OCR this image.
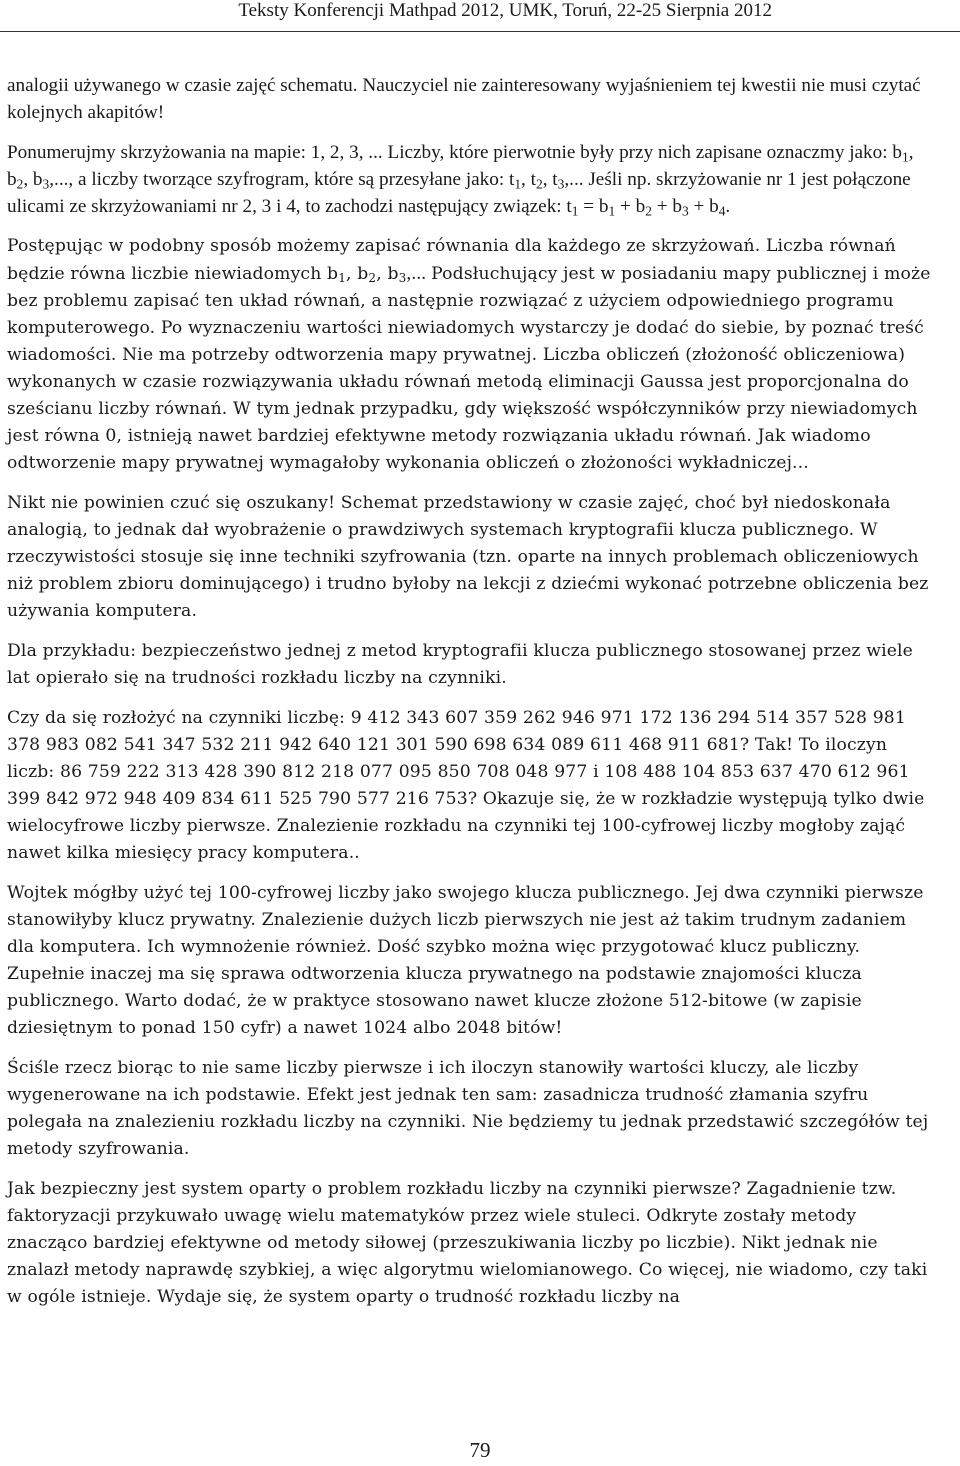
Teksty Konferencji Mathpad 2012, UMK, Toruń, 22-25 Sierpnia 2012

analogii używanego w czasie zajęć schematu. Nauczyciel nie zainteresowany wyjaśnieniem tej kwestii nie musi czytać kolejnych akapitów!

Ponumerujmy skrzyżowania na mapie: 1, 2, 3, ... Liczby, które pierwotnie były przy nich zapisane oznaczmy jako: $b_1$, $b_2$, $b_3$,..., a liczby tworzące szyfrogram, które są przesyłane jako: $t_1$, $t_2$, $t_3$,... Jeśli np. skrzyżowanie nr 1 jest połączone ulicami ze skrzyżowaniami nr 2, 3 i 4, to zachodzi następujący związek: $t_1 = b_1 + b_2 + b_3 + b_4$.

Postępując w podobny sposób możemy zapisać równania dla każdego ze skrzyżowań. Liczba równań będzie równa liczbie niewiadomych $b_1$, $b_2$, $b_3$,... Podsłuchujący jest w posiadaniu mapy publicznej i może bez problemu zapisać ten układ równań, a następnie rozwiązać z użyciem odpowiedniego programu komputerowego. Po wyznaczeniu wartości niewiadomych wystarczy je dodać do siebie, by poznać treść wiadomości. Nie ma potrzeby odtworzenia mapy prywatnej. Liczba obliczeń (złożoność obliczeniowa) wykonanych w czasie rozwiązywania układu równań metodą eliminacji Gaussa jest proporcjonalna do sześcianu liczby równań. W tym jednak przypadku, gdy większość współczynników przy niewiadomych jest równa 0, istnieją nawet bardziej efektywne metody rozwiązania układu równań. Jak wiadomo odtworzenie mapy prywatnej wymagałoby wykonania obliczeń o złożoności wykładniczej...

Nikt nie powinien czuć się oszukany! Schemat przedstawiony w czasie zajęć, choć był niedoskonała analogią, to jednak dał wyobrażenie o prawdziwych systemach kryptografii klucza publicznego. W rzeczywistości stosuje się inne techniki szyfrowania (tzn. oparte na innych problemach obliczeniowych niż problem zbioru dominującego) i trudno byłoby na lekcji z dziećmi wykonać potrzebne obliczenia bez używania komputera.

Dla przykładu: bezpieczeństwo jednej z metod kryptografii klucza publicznego stosowanej przez wiele lat opierało się na trudności rozkładu liczby na czynniki.

Czy da się rozłożyć na czynniki liczbę: 9 412 343 607 359 262 946 971 172 136 294 514 357 528 981 378 983 082 541 347 532 211 942 640 121 301 590 698 634 089 611 468 911 681? Tak! To iloczyn liczb: 86 759 222 313 428 390 812 218 077 095 850 708 048 977 i 108 488 104 853 637 470 612 961 399 842 972 948 409 834 611 525 790 577 216 753? Okazuje się, że w rozkładzie występują tylko dwie wielocyfrowe liczby pierwsze. Znalezienie rozkładu na czynniki tej 100-cyfrowej liczby mogłoby zająć nawet kilka miesięcy pracy komputera..

Wojtek mógłby użyć tej 100-cyfrowej liczby jako swojego klucza publicznego. Jej dwa czynniki pierwsze stanowiłyby klucz prywatny. Znalezienie dużych liczb pierwszych nie jest aż takim trudnym zadaniem dla komputera. Ich wymnożenie również. Dość szybko można więc przygotować klucz publiczny. Zupełnie inaczej ma się sprawa odtworzenia klucza prywatnego na podstawie znajomości klucza publicznego. Warto dodać, że w praktyce stosowano nawet klucze złożone 512-bitowe (w zapisie dziesiętnym to ponad 150 cyfr) a nawet 1024 albo 2048 bitów!

Ściśle rzecz biorąc to nie same liczby pierwsze i ich iloczyn stanowiły wartości kluczy, ale liczby wygenerowane na ich podstawie. Efekt jest jednak ten sam: zasadnicza trudność złamania szyfru polegała na znalezieniu rozkładu liczby na czynniki. Nie będziemy tu jednak przedstawić szczegółów tej metody szyfrowania.

Jak bezpieczny jest system oparty o problem rozkładu liczby na czynniki pierwsze? Zagadnienie tzw. faktoryzacji przykuwało uwagę wielu matematyków przez wiele stuleci. Odkryte zostały metody znacząco bardziej efektywne od metody siłowej (przeszukiwania liczby po liczbie). Nikt jednak nie znalazł metody naprawdę szybkiej, a więc algorytmu wielomianowego. Co więcej, nie wiadomo, czy taki w ogóle istnieje. Wydaje się, że system oparty o trudność rozkładu liczby na

79
